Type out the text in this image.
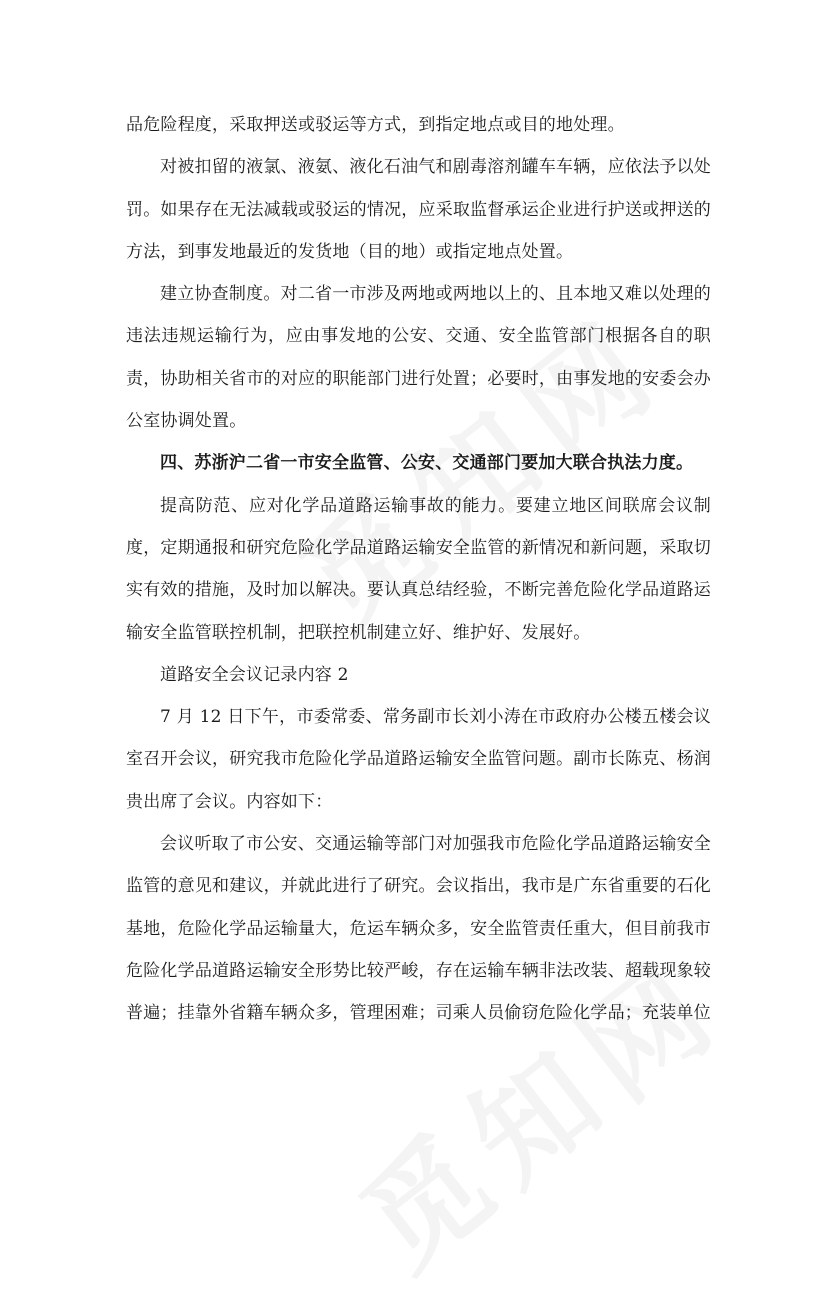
品危险程度，采取押送或驳运等方式，到指定地点或目的地处理。

对被扣留的液氯、液氨、液化石油气和剧毒溶剂罐车车辆，应依法予以处罚。如果存在无法减载或驳运的情况，应采取监督承运企业进行护送或押送的方法，到事发地最近的发货地（目的地）或指定地点处置。

建立协查制度。对二省一市涉及两地或两地以上的、且本地又难以处理的违法违规运输行为，应由事发地的公安、交通、安全监管部门根据各自的职责，协助相关省市的对应的职能部门进行处置；必要时，由事发地的安委会办公室协调处置。

四、苏浙沪二省一市安全监管、公安、交通部门要加大联合执法力度。

提高防范、应对化学品道路运输事故的能力。要建立地区间联席会议制度，定期通报和研究危险化学品道路运输安全监管的新情况和新问题，采取切实有效的措施，及时加以解决。要认真总结经验，不断完善危险化学品道路运输安全监管联控机制，把联控机制建立好、维护好、发展好。

道路安全会议记录内容 2

7 月 12 日下午，市委常委、常务副市长刘小涛在市政府办公楼五楼会议室召开会议，研究我市危险化学品道路运输安全监管问题。副市长陈克、杨润贵出席了会议。内容如下：

会议听取了市公安、交通运输等部门对加强我市危险化学品道路运输安全监管的意见和建议，并就此进行了研究。会议指出，我市是广东省重要的石化基地，危险化学品运输量大，危运车辆众多，安全监管责任重大，但目前我市危险化学品道路运输安全形势比较严峻，存在运输车辆非法改装、超载现象较普遍；挂靠外省籍车辆众多，管理困难；司乘人员偷窃危险化学品；充装单位
